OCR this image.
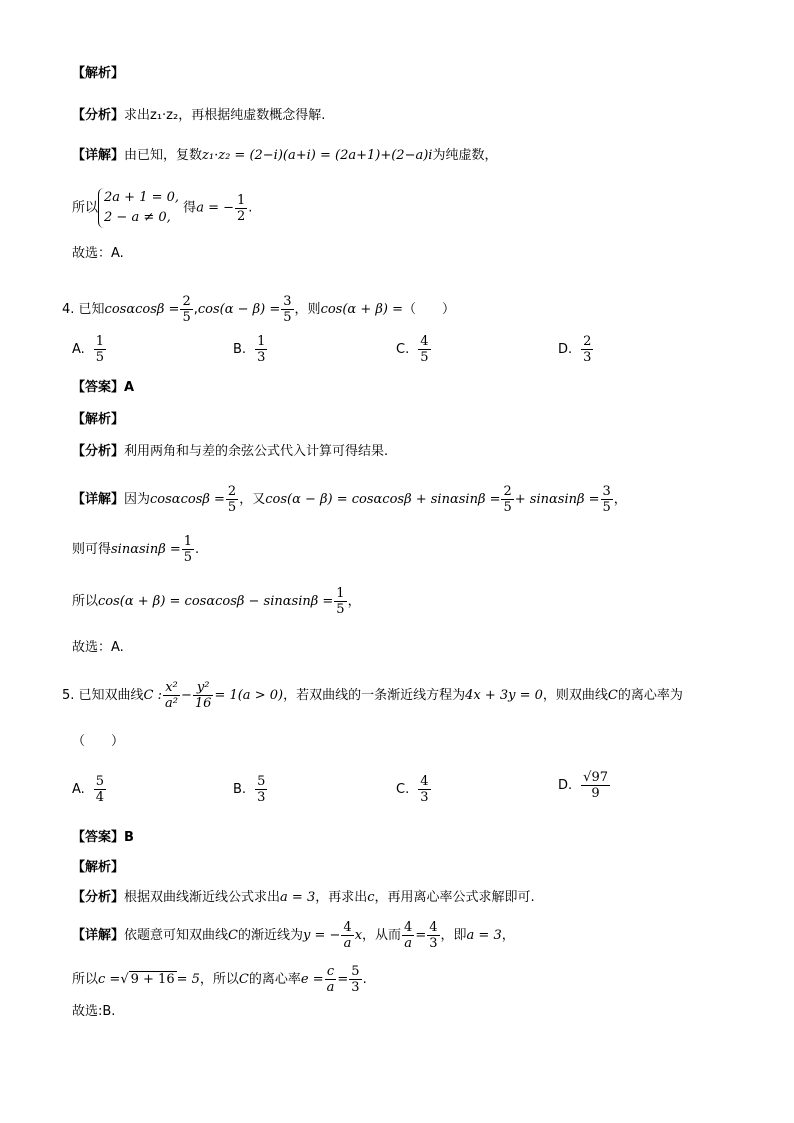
【解析】
【分析】求出z₁·z₂，再根据纯虚数概念得解.
【详解】由已知，复数z₁·z₂ = (2−i)(a+i) = (2a+1)+(2−a)i为纯虚数，
所以
2a + 1 = 0,
2 − a ≠ 0,
得a = − $\frac{1}{2}$ .
故选：A.
4. 已知$\cos\alpha\cos\beta = \frac{2}{5} ,\cos(\alpha - \beta) = \frac{3}{5}$ ，则cos(α + β) =（　　）
A. $\frac{1}{5}$	B. $\frac{1}{3}$	C. $\frac{4}{5}$	D. $\frac{2}{3}$
【答案】A
【解析】
【分析】利用两角和与差的余弦公式代入计算可得结果.
【详解】因为$\cos\alpha\cos\beta = \frac{2}{5}$ ，又$\cos(\alpha - \beta) = \cos\alpha\cos\beta + \sin\alpha\sin\beta = \frac{2}{5} + \sin\alpha\sin\beta = \frac{3}{5}$ ，
则可得$\sin\alpha\sin\beta = \frac{1}{5}$ .
所以$\cos(\alpha + \beta) = \cos\alpha\cos\beta - \sin\alpha\sin\beta = \frac{1}{5}$ ，
故选：A.
5. 已知双曲线C : $\frac{\text{x²}}{\text{a²}} - \frac{\text{y²}}{16} = 1(a > 0)$，若双曲线的一条渐近线方程为4x + 3y = 0，则双曲线C的离心率为
（　　）
A. $\frac{5}{4}$	B. $\frac{5}{3}$	C. $\frac{4}{3}$	D. $\frac{√97}{9}$
【答案】B
【解析】
【分析】根据双曲线渐近线公式求出a = 3，再求出c，再用离心率公式求解即可.
【详解】依题意可知双曲线C的渐近线为y = − $\frac{4}{a}$ x，从而 $\frac{4}{a} = \frac{4}{3}$ ，即a = 3，
所以c =√ 9 + 16 = 5，所以C的离心率$e = \frac{c}{a} = \frac{5}{3}$ .
故选:B.
